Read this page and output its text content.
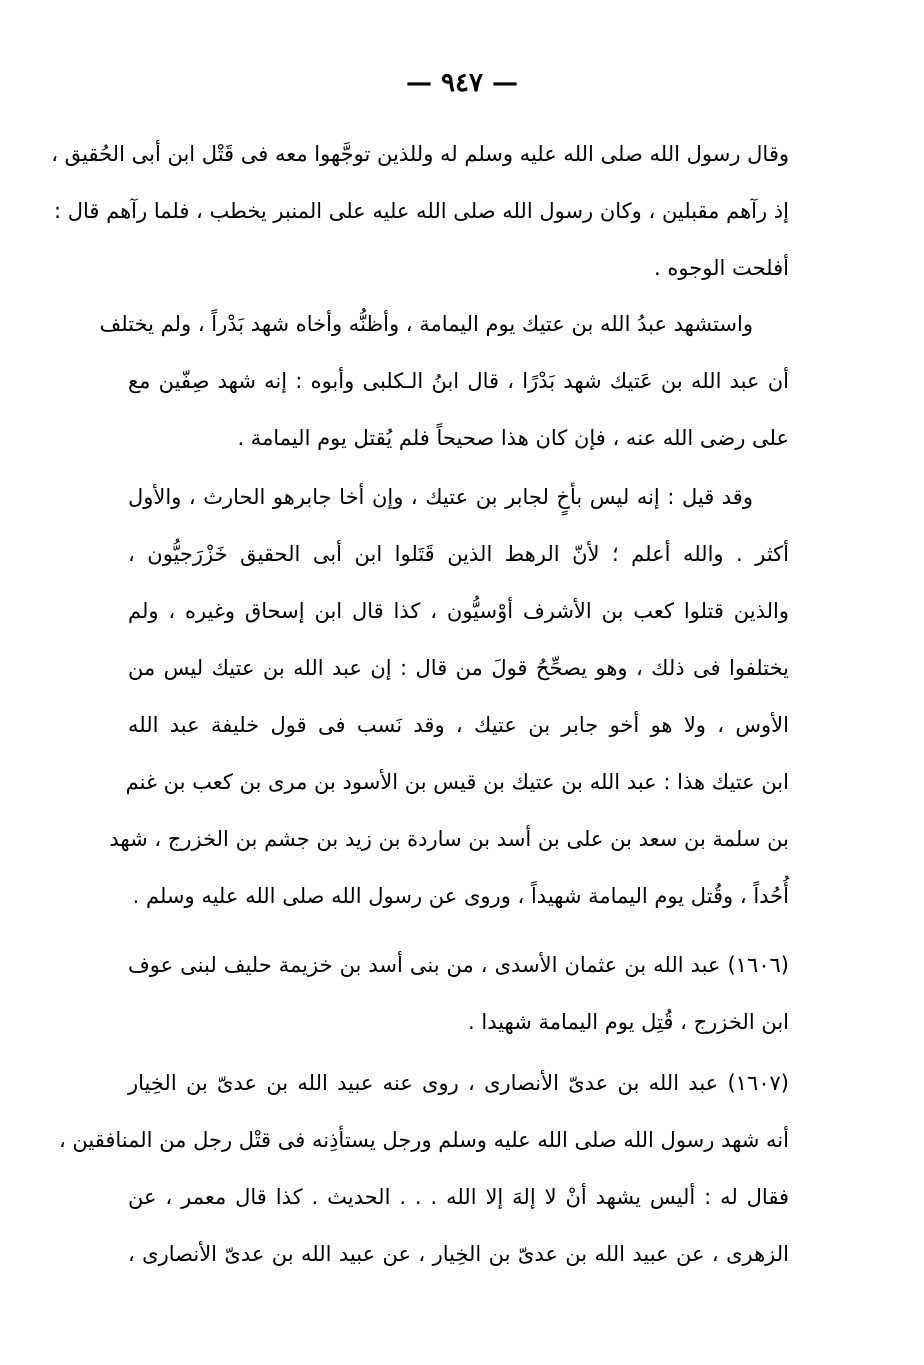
— ٩٤٧ —
وقال رسول الله صلى الله عليه وسلم له وللذين توجَّهوا معه فى قَتْل ابن أبى الحُقيق ،
إذ رآهم مقبلين ، وكان رسول الله صلى الله عليه على المنبر يخطب ، فلما رآهم قال :
أفلحت الوجوه .
واستشهد عبدُ الله بن عتيك يوم اليمامة ، وأظنُّه وأخاه شهد بَدْراً ، ولم يختلف
أن عبد الله بن عَتيك شهد بَدْرًا ، قال ابنُ الـكلبى وأبوه : إنه شهد صِفّين مع
على رضى الله عنه ، فإن كان هذا صحيحاً فلم يُقتل يوم اليمامة .
وقد قيل : إنه ليس بأخٍ لجابر بن عتيك ، وإن أخا جابرهو الحارث ، والأول
أكثر . والله أعلم ؛ لأنّ الرهط الذين قَتَلوا ابن أبى الحقيق خَزْرَجيُّون ،
والذين قتلوا كعب بن الأشرف أوْسيُّون ، كذا قال ابن إسحاق وغيره ، ولم
يختلفوا فى ذلك ، وهو يصحِّحُ قولَ من قال : إن عبد الله بن عتيك ليس من
الأوس ، ولا هو أخو جابر بن عتيك ، وقد نَسب فى قول خليفة عبد الله
ابن عتيك هذا : عبد الله بن عتيك بن قيس بن الأسود بن مرى بن كعب بن غنم
بن سلمة بن سعد بن على بن أسد بن ساردة بن زيد بن جشم بن الخزرج ، شهد
أُحُداً ، وقُتل يوم اليمامة شهيداً ، وروى عن رسول الله صلى الله عليه وسلم .
(١٦٠٦) عبد الله بن عثمان الأسدى ، من بنى أسد بن خزيمة حليف لبنى عوف
ابن الخزرج ، قُتِل يوم اليمامة شهيدا .
(١٦٠٧) عبد الله بن عدىّ الأنصارى ، روى عنه عبيد الله بن عدىّ بن الخِيار
أنه شهد رسول الله صلى الله عليه وسلم ورجل يستأذِنه فى قتْل رجل من المنافقين ،
فقال له : أليس يشهد أنْ لا إلهَ إلا الله . . . الحديث . كذا قال معمر ، عن
الزهرى ، عن عبيد الله بن عدىّ بن الخِيار ، عن عبيد الله بن عدىّ الأنصارى ،
